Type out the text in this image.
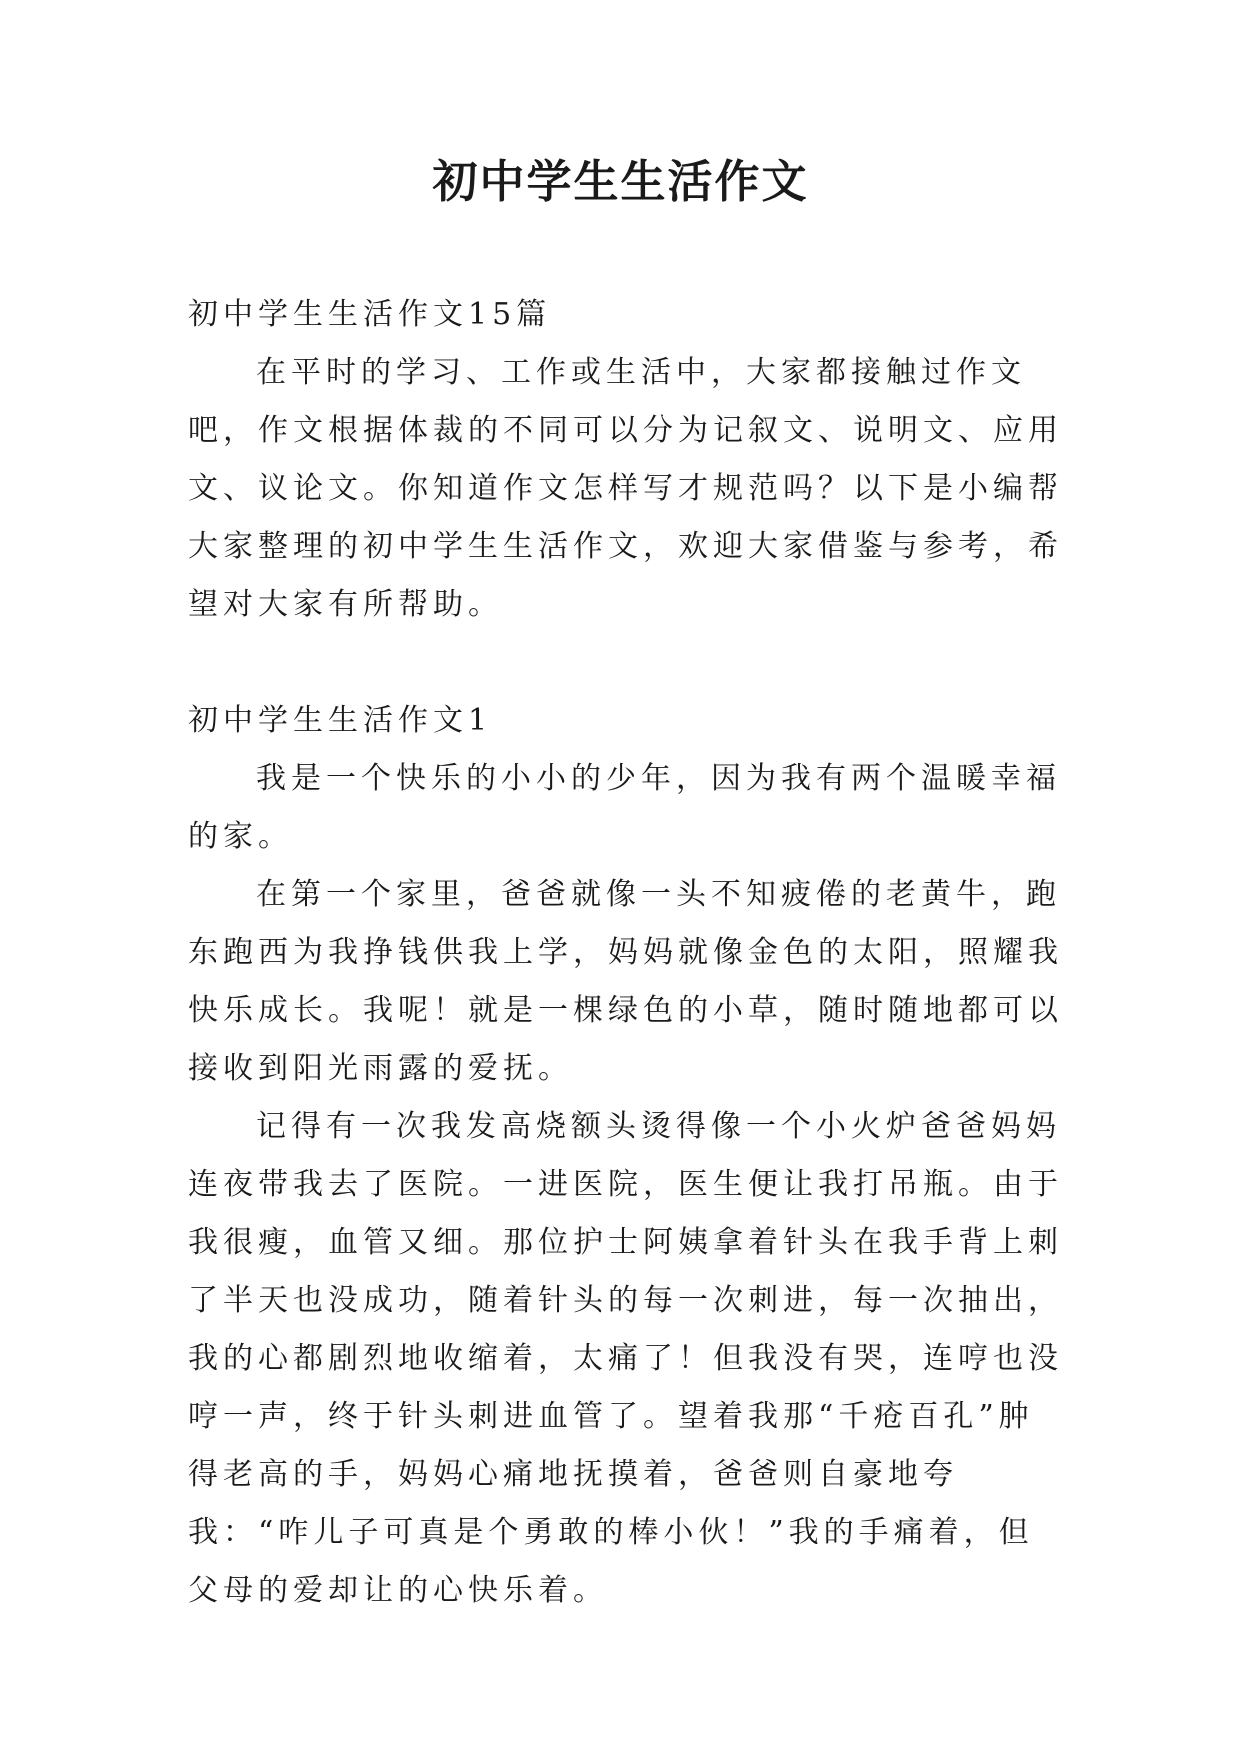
初中学生生活作文

初中学生生活作文15篇

在平时的学习、工作或生活中，大家都接触过作文吧，作文根据体裁的不同可以分为记叙文、说明文、应用文、议论文。你知道作文怎样写才规范吗？以下是小编帮大家整理的初中学生生活作文，欢迎大家借鉴与参考，希望对大家有所帮助。

初中学生生活作文1

我是一个快乐的小小的少年，因为我有两个温暖幸福的家。

在第一个家里，爸爸就像一头不知疲倦的老黄牛，跑东跑西为我挣钱供我上学，妈妈就像金色的太阳，照耀我快乐成长。我呢！就是一棵绿色的小草，随时随地都可以接收到阳光雨露的爱抚。

记得有一次我发高烧额头烫得像一个小火炉爸爸妈妈连夜带我去了医院。一进医院，医生便让我打吊瓶。由于我很瘦，血管又细。那位护士阿姨拿着针头在我手背上刺了半天也没成功，随着针头的每一次刺进，每一次抽出，我的心都剧烈地收缩着，太痛了！但我没有哭，连哼也没哼一声，终于针头刺进血管了。望着我那“千疮百孔”肿得老高的手，妈妈心痛地抚摸着，爸爸则自豪地夸我：“咋儿子可真是个勇敢的棒小伙！”我的手痛着，但父母的爱却让的心快乐着。
